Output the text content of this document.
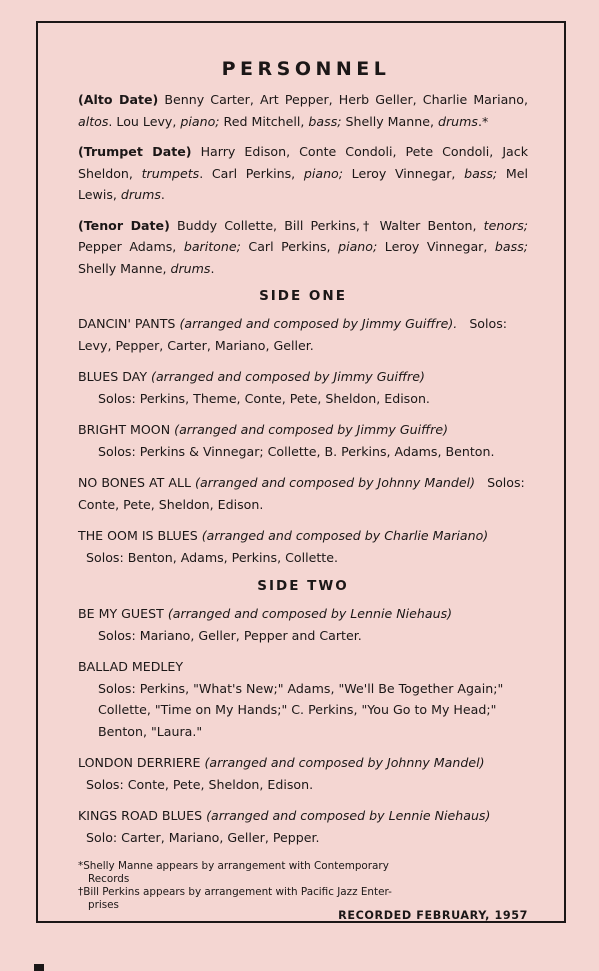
PERSONNEL

(Alto Date) Benny Carter, Art Pepper, Herb Geller, Charlie Mariano, altos. Lou Levy, piano; Red Mitchell, bass; Shelly Manne, drums.*

(Trumpet Date) Harry Edison, Conte Condoli, Pete Condoli, Jack Sheldon, trumpets. Carl Perkins, piano; Leroy Vinnegar, bass; Mel Lewis, drums.

(Tenor Date) Buddy Collette, Bill Perkins,† Walter Benton, tenors; Pepper Adams, baritone; Carl Perkins, piano; Leroy Vinnegar, bass; Shelly Manne, drums.

SIDE ONE

DANCIN' PANTS (arranged and composed by Jimmy Guiffre). Solos: Levy, Pepper, Carter, Mariano, Geller.

BLUES DAY (arranged and composed by Jimmy Guiffre)
Solos: Perkins, Theme, Conte, Pete, Sheldon, Edison.

BRIGHT MOON (arranged and composed by Jimmy Guiffre)
Solos: Perkins & Vinnegar; Collette, B. Perkins, Adams, Benton.

NO BONES AT ALL (arranged and composed by Johnny Mandel) Solos: Conte, Pete, Sheldon, Edison.

THE OOM IS BLUES (arranged and composed by Charlie Mariano)   Solos: Benton, Adams, Perkins, Collette.

SIDE TWO

BE MY GUEST (arranged and composed by Lennie Niehaus)
Solos: Mariano, Geller, Pepper and Carter.

BALLAD MEDLEY
Solos: Perkins, "What's New;" Adams, "We'll Be Together Again;" Collette, "Time on My Hands;" C. Perkins, "You Go to My Head;" Benton, "Laura."

LONDON DERRIERE (arranged and composed by Johnny Mandel)   Solos: Conte, Pete, Sheldon, Edison.

KINGS ROAD BLUES (arranged and composed by Lennie Niehaus)   Solo: Carter, Mariano, Geller, Pepper.

*Shelly Manne appears by arrangement with Contemporary
Records

†Bill Perkins appears by arrangement with Pacific Jazz Enter-
prises

RECORDED FEBRUARY, 1957
